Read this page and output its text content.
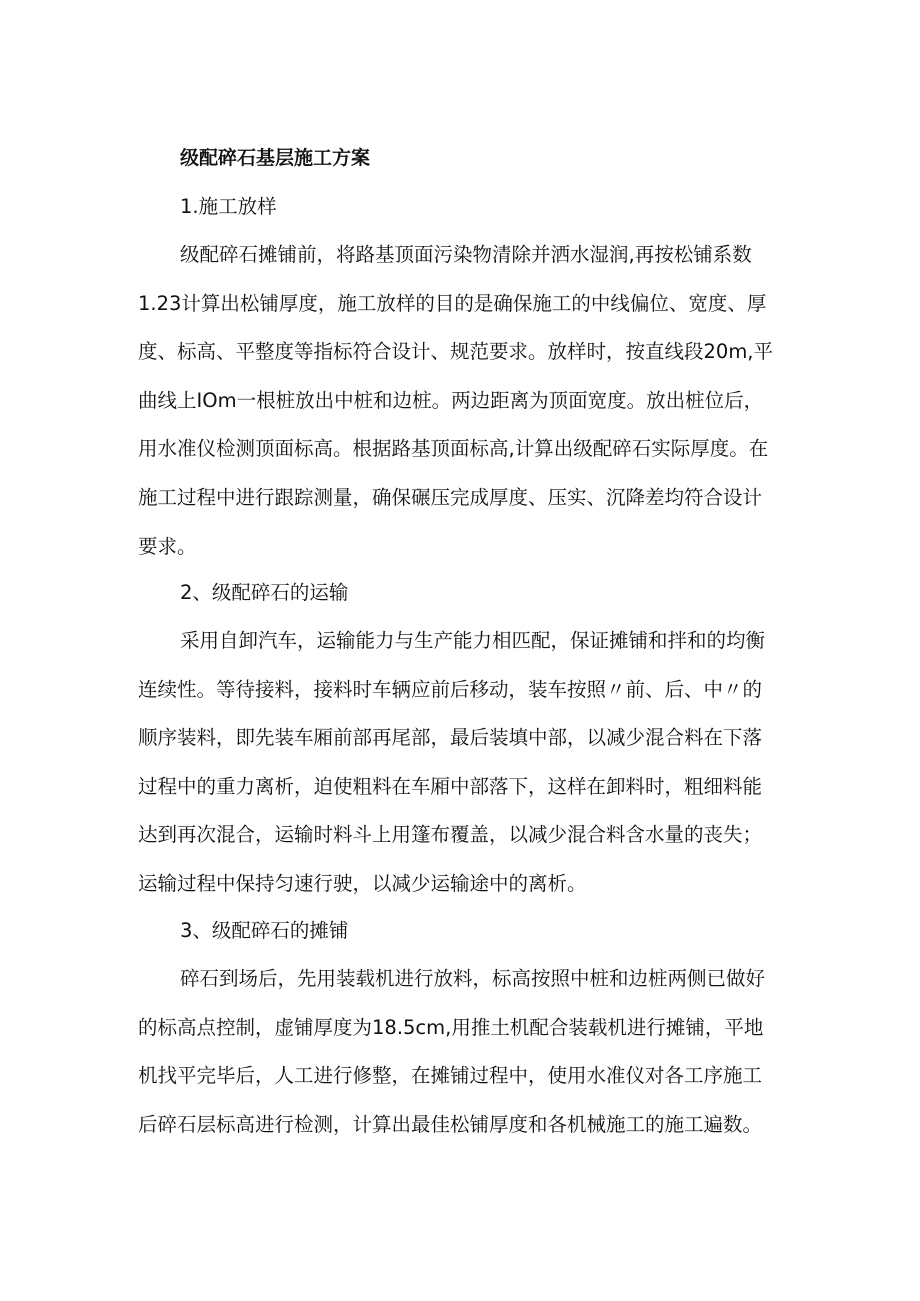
级配碎石基层施工方案
1.施工放样
级配碎石摊铺前，将路基顶面污染物清除并洒水湿润,再按松铺系数
1.23计算出松铺厚度，施工放样的目的是确保施工的中线偏位、宽度、厚
度、标高、平整度等指标符合设计、规范要求。放样时，按直线段20m,平
曲线上IOm一根桩放出中桩和边桩。两边距离为顶面宽度。放出桩位后，
用水准仪检测顶面标高。根据路基顶面标高,计算出级配碎石实际厚度。在
施工过程中进行跟踪测量，确保碾压完成厚度、压实、沉降差均符合设计
要求。
2、级配碎石的运输
采用自卸汽车，运输能力与生产能力相匹配，保证摊铺和拌和的均衡
连续性。等待接料，接料时车辆应前后移动，装车按照〃前、后、中〃的
顺序装料，即先装车厢前部再尾部，最后装填中部，以减少混合料在下落
过程中的重力离析，迫使粗料在车厢中部落下，这样在卸料时，粗细料能
达到再次混合，运输时料斗上用篷布覆盖，以减少混合料含水量的丧失；
运输过程中保持匀速行驶，以减少运输途中的离析。
3、级配碎石的摊铺
碎石到场后，先用装载机进行放料，标高按照中桩和边桩两侧已做好
的标高点控制，虚铺厚度为18.5cm,用推土机配合装载机进行摊铺，平地
机找平完毕后，人工进行修整，在摊铺过程中，使用水准仪对各工序施工
后碎石层标高进行检测，计算出最佳松铺厚度和各机械施工的施工遍数。
